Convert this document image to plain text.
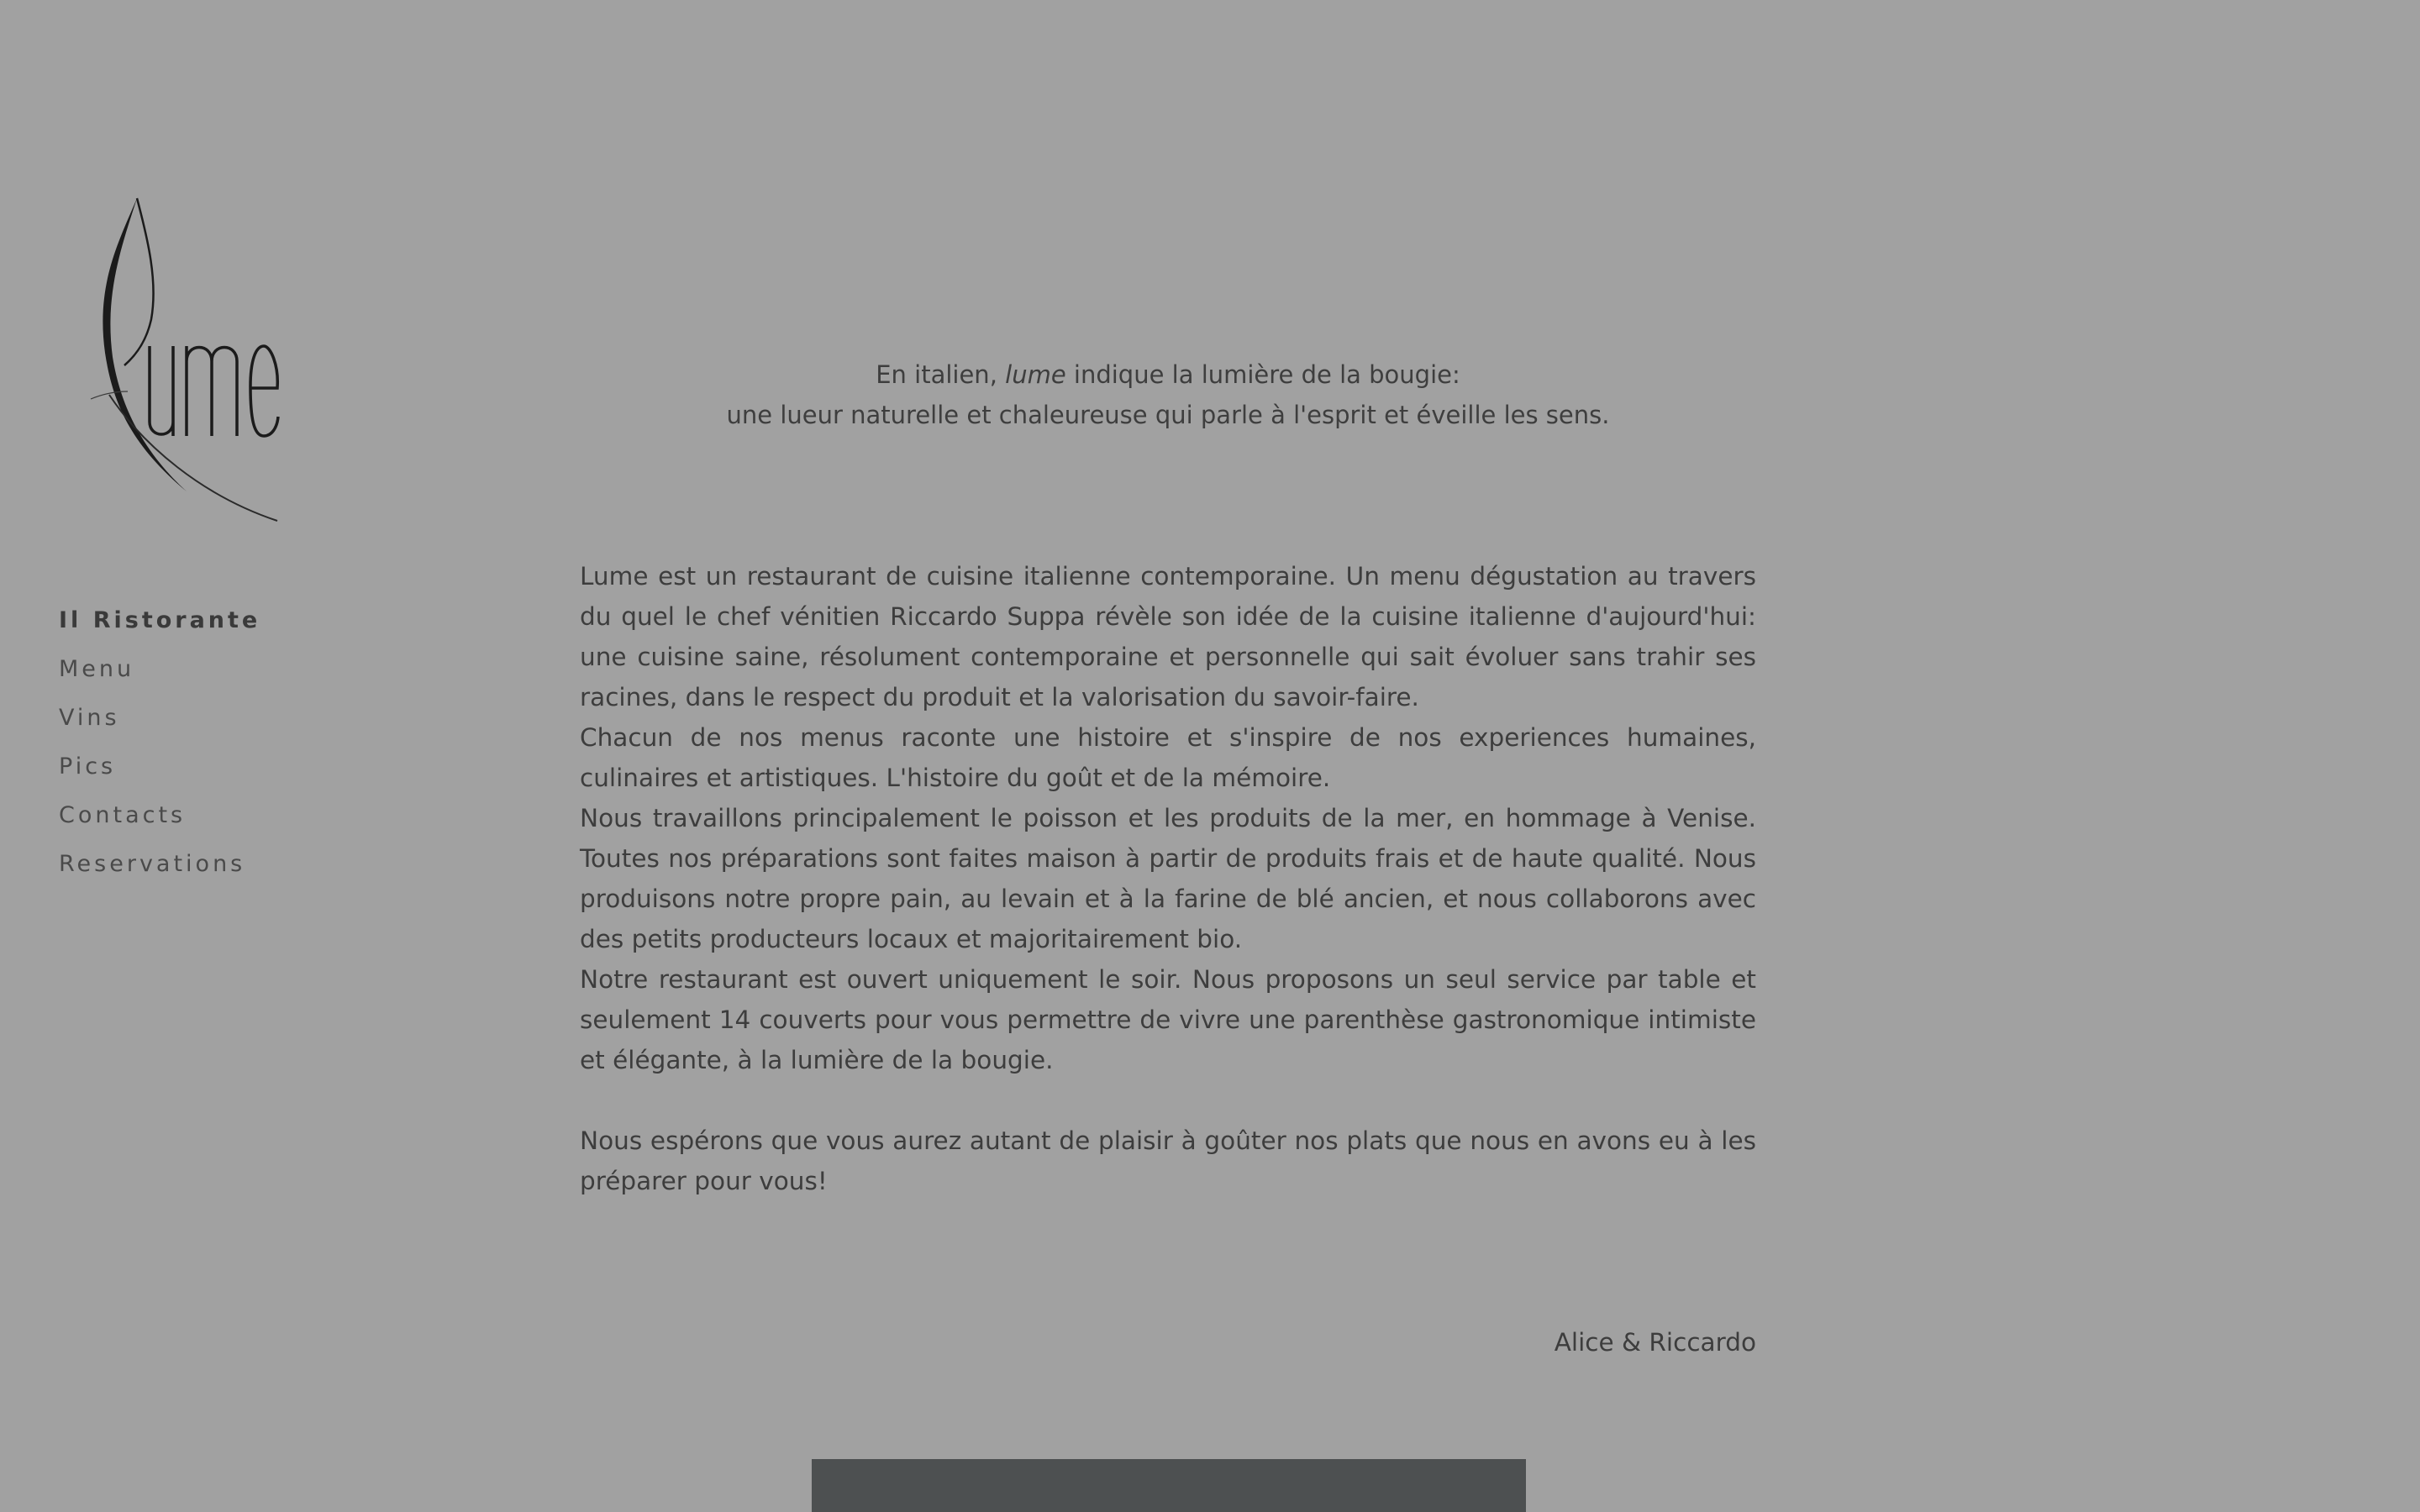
Il Ristorante
Menu
Vins
Pics
Contacts
Reservations
En italien, lume indique la lumière de la bougie:
une lueur naturelle et chaleureuse qui parle à l'esprit et éveille les sens.

Lume est un restaurant de cuisine italienne contemporaine. Un menu dégustation au travers du quel le chef vénitien Riccardo Suppa révèle son idée de la cuisine italienne d'aujourd'hui: une cuisine saine, résolument contemporaine et personnelle qui sait évoluer sans trahir ses racines, dans le respect du produit et la valorisation du savoir-faire.

Chacun de nos menus raconte une histoire et s'inspire de nos experiences humaines, culinaires et artistiques. L'histoire du goût et de la mémoire.

Nous travaillons principalement le poisson et les produits de la mer, en hommage à Venise. Toutes nos préparations sont faites maison à partir de produits frais et de haute qualité. Nous produisons notre propre pain, au levain et à la farine de blé ancien, et nous collaborons avec des petits producteurs locaux et majoritairement bio.

Notre restaurant est ouvert uniquement le soir. Nous proposons un seul service par table et seulement 14 couverts pour vous permettre de vivre une parenthèse gastronomique intimiste et élégante, à la lumière de la bougie.

Nous espérons que vous aurez autant de plaisir à goûter nos plats que nous en avons eu à les préparer pour vous!

Alice & Riccardo
